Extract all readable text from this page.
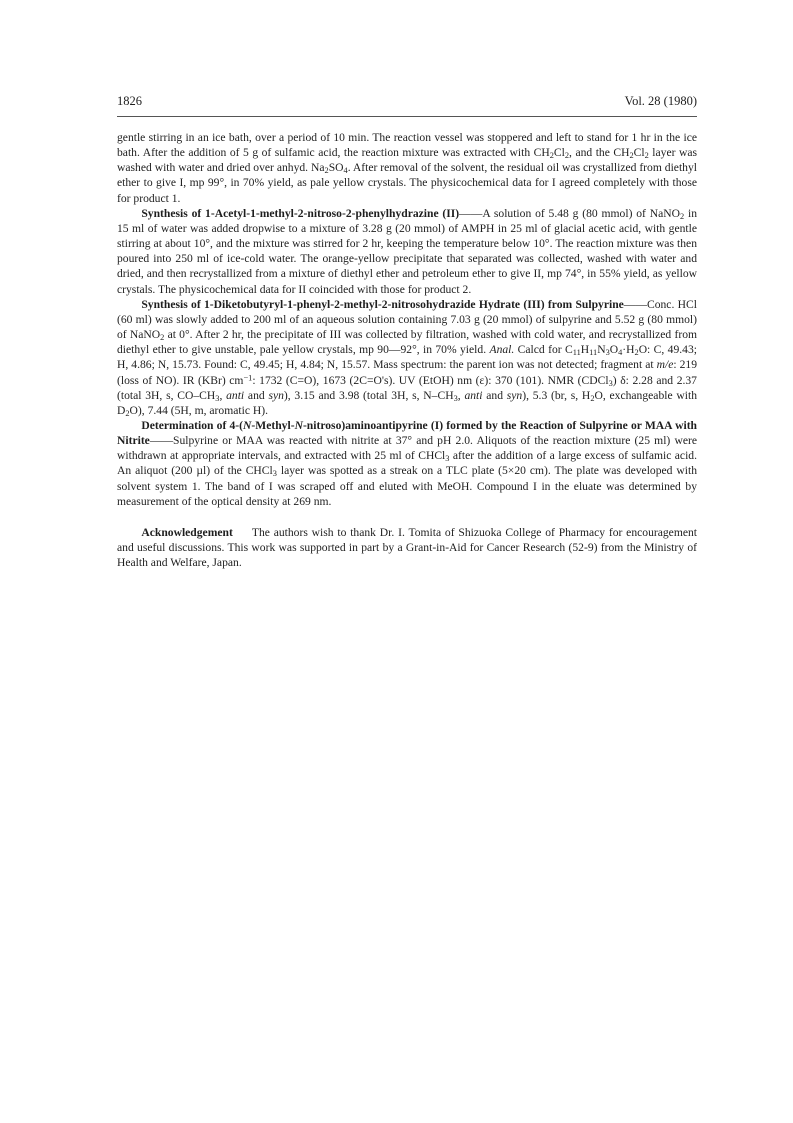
1826	Vol. 28 (1980)

gentle stirring in an ice bath, over a period of 10 min. The reaction vessel was stoppered and left to stand for 1 hr in the ice bath. After the addition of 5 g of sulfamic acid, the reaction mixture was extracted with $CH_2Cl_2$, and the $CH_2Cl_2$ layer was washed with water and dried over anhyd. $Na_2SO_4$. After removal of the solvent, the residual oil was crystallized from diethyl ether to give I, mp 99°, in 70% yield, as pale yellow crystals. The physicochemical data for I agreed completely with those for product 1.

Synthesis of 1-Acetyl-1-methyl-2-nitroso-2-phenylhydrazine (II)——A solution of 5.48 g (80 mmol) of NaNO$_2$ in 15 ml of water was added dropwise to a mixture of 3.28 g (20 mmol) of AMPH in 25 ml of glacial acetic acid, with gentle stirring at about 10°, and the mixture was stirred for 2 hr, keeping the temperature below 10°. The reaction mixture was then poured into 250 ml of ice-cold water. The orange-yellow precipitate that separated was collected, washed with water and dried, and then recrystallized from a mixture of diethyl ether and petroleum ether to give II, mp 74°, in 55% yield, as yellow crystals. The physicochemical data for II coincided with those for product 2.

Synthesis of 1-Diketobutyryl-1-phenyl-2-methyl-2-nitrosohydrazide Hydrate (III) from Sulpyrine——Conc. HCl (60 ml) was slowly added to 200 ml of an aqueous solution containing 7.03 g (20 mmol) of sulpyrine and 5.52 g (80 mmol) of NaNO$_2$ at 0°. After 2 hr, the precipitate of III was collected by filtration, washed with cold water, and recrystallized from diethyl ether to give unstable, pale yellow crystals, mp 90—92°, in 70% yield. Anal. Calcd for $C_{11}H_{11}N_3O_4\cdot H_2O$: C, 49.43; H, 4.86; N, 15.73. Found: C, 49.45; H, 4.84; N, 15.57. Mass spectrum: the parent ion was not detected; fragment at m/e: 219 (loss of NO). IR (KBr) $cm^{-1}$: 1732 (C=O), 1673 (2C=O's). UV (EtOH) nm (ε): 370 (101). NMR (CDCl$_3$) δ: 2.28 and 2.37 (total 3H, s, $CO-CH_3$, anti and syn), 3.15 and 3.98 (total 3H, s, $N-CH_3$, anti and syn), 5.3 (br, s, $H_2O$, exchangeable with $D_2O$), 7.44 (5H, m, aromatic H).

Determination of 4-(N-Methyl-N-nitroso)aminoantipyrine (I) formed by the Reaction of Sulpyrine or MAA with Nitrite——Sulpyrine or MAA was reacted with nitrite at 37° and pH 2.0. Aliquots of the reaction mixture (25 ml) were withdrawn at appropriate intervals, and extracted with 25 ml of CHCl$_3$ after the addition of a large excess of sulfamic acid. An aliquot (200 µl) of the CHCl$_3$ layer was spotted as a streak on a TLC plate (5×20 cm). The plate was developed with solvent system 1. The band of I was scraped off and eluted with MeOH. Compound I in the eluate was determined by measurement of the optical density at 269 nm.

Acknowledgement The authors wish to thank Dr. I. Tomita of Shizuoka College of Pharmacy for encouragement and useful discussions. This work was supported in part by a Grant-in-Aid for Cancer Research (52-9) from the Ministry of Health and Welfare, Japan.
